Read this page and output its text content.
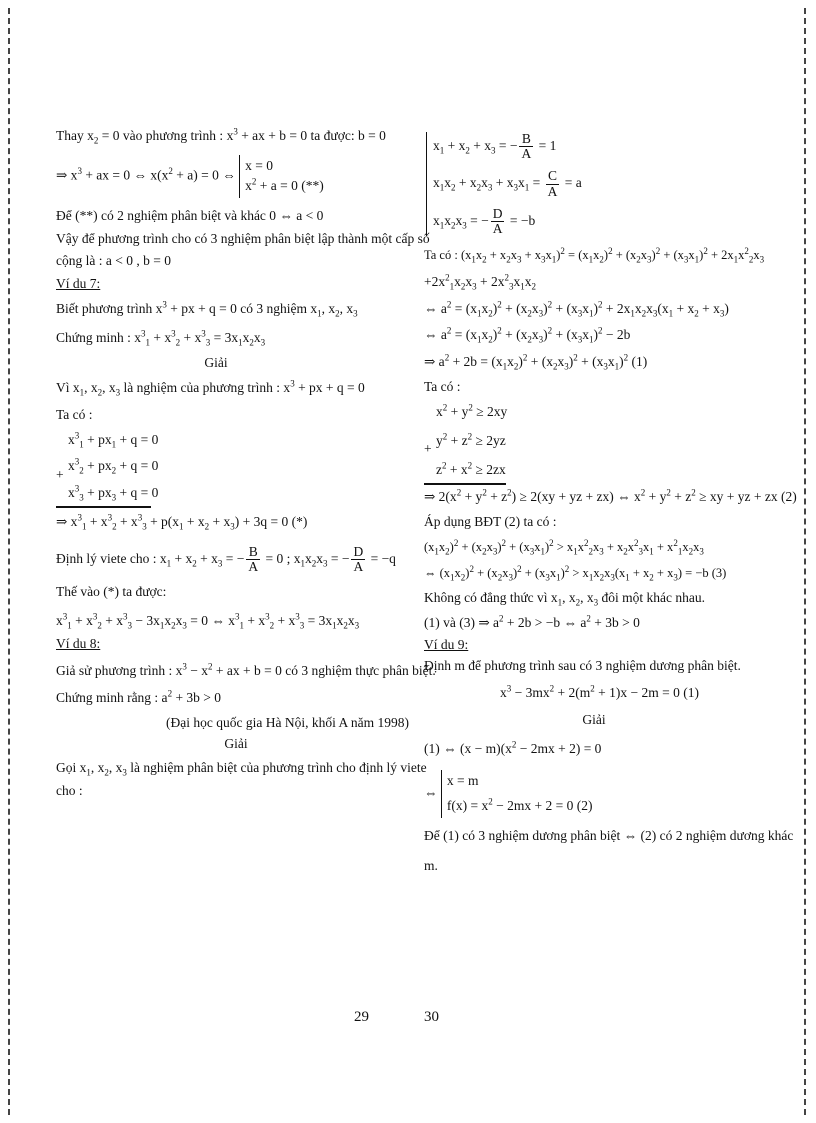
Thay $x_2 = 0$ vào phương trình : $x^3$ + ax + b = 0 ta được: b = 0

⇒ $x^3$ + ax = 0 ⇔ $x(x^2 + a) = 0$ ⇔
x = 0
$x^2 + a = 0$ (**)

Để (**) có 2 nghiệm phân biệt và khác 0 ⇔ a < 0

Vậy để phương trình cho có 3 nghiệm phân biệt lập thành một cấp số

cộng là : a < 0 , b = 0

Ví du 7:

Biết phương trình $x^3$ + px + q = 0 có 3 nghiệm $x_1$, $x_2$, $x_3$

Chứng minh : $x^3_1 + x^3_2 + x^3_3 = 3x_1x_2x_3$

Giải

Vì $x_1$, $x_2$, $x_3$ là nghiệm của phương trình : $x^3$ + px + q = 0

Ta có :

$x^3_1 + px_1 + q = 0$

$x^3_2 + px_2 + q = 0$

$x^3_3 + px_3 + q = 0$

+

⇒ $x^3_1 + x^3_2 + x^3_3 + p(x_1 + x_2 + x_3) + 3q = 0$ (*)

Định lý viete cho : $x_1 + x_2 + x_3$ = − $\frac{B}{A} = 0$ ; $x_1x_2x_3$ = − $\frac{D}{A} = -q$

Thế vào (*) ta được:

$x^3_1 + x^3_2 + x^3_3 - 3x_1x_2x_3 = 0$ ⇔ $x^3_1 + x^3_2 + x^3_3 = 3x_1x_2x_3$

Ví du 8:

Giả sử phương trình : $x^3 - x^2$ + ax + b = 0 có 3 nghiệm thực phân biệt.

Chứng minh rằng : $a^2 + 3b > 0$

(Đại học quốc gia Hà Nội, khối A năm 1998)

Giải

Gọi $x_1$, $x_2$, $x_3$ là nghiệm phân biệt của phương trình cho định lý viete

cho :

$x_1 + x_2 + x_3$ = − $\frac{B}{A} = 1$

$x_1x_2 + x_2x_3 + x_3x_1 = \frac{C}{A} = a$

$x_1x_2x_3$ = − $\frac{D}{A} = -b$

Ta có : $(x_1x_2 + x_2x_3 + x_3x_1)^2 = (x_1x_2)^2 + (x_2x_3)^2 + (x_3x_1)^2 + 2x_1x^2_2x_3$

$+2x^2_1x_2x_3 + 2x^2_3x_1x_2$

⇔ $a^2 = (x_1x_2)^2 + (x_2x_3)^2 + (x_3x_1)^2 + 2x_1x_2x_3(x_1 + x_2 + x_3)$

⇔ $a^2 = (x_1x_2)^2 + (x_2x_3)^2 + (x_3x_1)^2 - 2b$

⇒ $a^2 + 2b = (x_1x_2)^2 + (x_2x_3)^2 + (x_3x_1)^2$ (1)

Ta có :

$x^2 + y^2 \ge 2xy$

$y^2 + z^2 \ge 2yz$

$z^2 + x^2 \ge 2zx$

+

⇒ $2(x^2 + y^2 + z^2) \ge 2(xy$ + yz + zx) ⇔ $x^2 + y^2 + z^2$ ≥ xy + yz + zx (2)

Áp dụng BĐT (2) ta có :

$(x_1x_2)^2 + (x_2x_3)^2 + (x_3x_1)^2 > x_1x^2_2x_3 + x_2x^2_3x_1 + x^2_1x_2x_3$

⇔ $(x_1x_2)^2 + (x_2x_3)^2 + (x_3x_1)^2 > x_1x_2x_3(x_1 + x_2 + x_3) = -b$ (3)

Không có đẳng thức vì $x_1$, $x_2$, $x_3$ đôi một khác nhau.

(1) và (3) ⇒ $a^2 + 2b > -b$ ⇔ $a^2 + 3b > 0$

Ví du 9:

Định m để phương trình sau có 3 nghiệm dương phân biệt.

$x^3 - 3mx^2 + 2(m^2 + 1)x - 2m = 0$ (1)

Giải

(1) ⇔ $(x - m)(x^2 - 2mx + 2) = 0$

⇔
x = m
$f(x) = x^2 - 2mx + 2 = 0$ (2)

Để (1) có 3 nghiệm dương phân biệt ⇔ (2) có 2 nghiệm dương khác

m.

29	30
